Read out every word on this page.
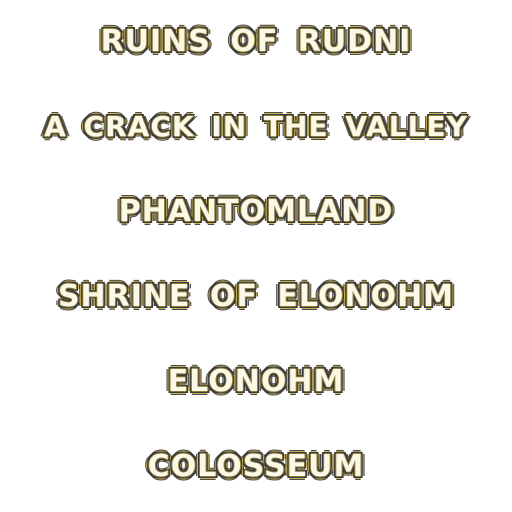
RUINS OF RUDNI
A CRACK IN THE VALLEY
PHANTOMLAND
SHRINE OF ELONOHM
ELONOHM
COLOSSEUM
